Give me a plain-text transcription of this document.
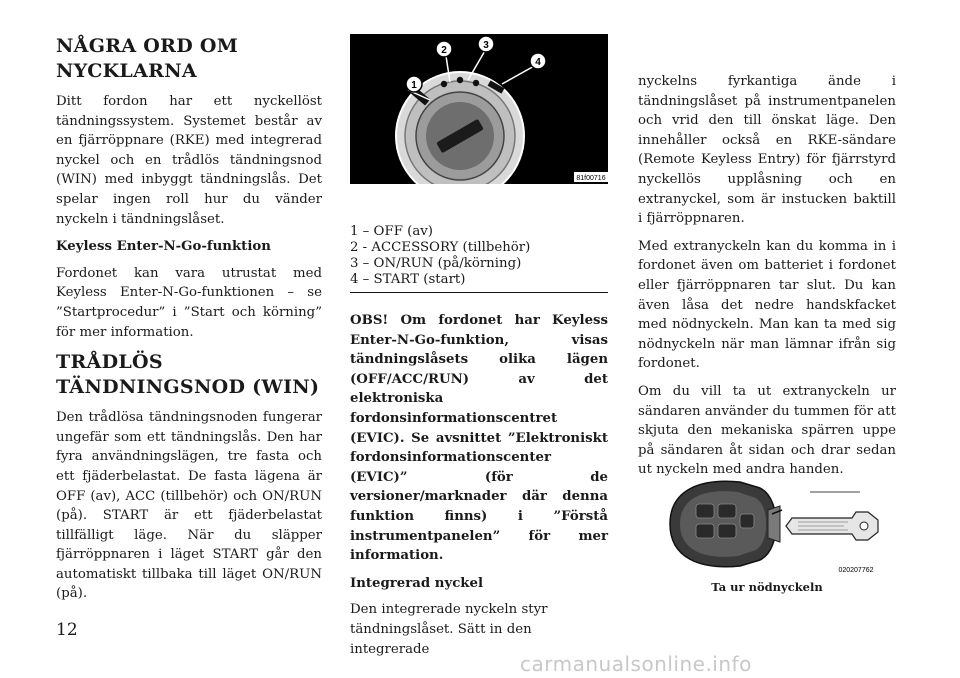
NÅGRA ORD OM
NYCKLARNA

Ditt fordon har ett nyckellöst tändningssystem. Systemet består av en fjärröppnare (RKE) med integrerad nyckel och en trådlös tändningsnod (WIN) med inbyggt tändningslås. Det spelar ingen roll hur du vänder nyckeln i tändningslåset.

Keyless Enter-N-Go-funktion

Fordonet kan vara utrustat med Keyless Enter-N-Go-funktionen – se ”Startprocedur” i ”Start och körning” för mer information.

TRÅDLÖS
TÄNDNINGSNOD (WIN)

Den trådlösa tändningsnoden fungerar ungefär som ett tändningslås. Den har fyra användningslägen, tre fasta och ett fjäderbelastat. De fasta lägena är OFF (av), ACC (tillbehör) och ON/RUN (på). START är ett fjäderbelastat tillfälligt läge. När du släpper fjärröppnaren i läget START går den automatiskt tillbaka till läget ON/RUN (på).

1
2	3
4
81f00716
1 – OFF (av)
2 - ACCESSORY (tillbehör)
3 – ON/RUN (på/körning)
4 – START (start)

OBS! Om fordonet har Keyless Enter-N-Go-funktion, visas tändningslåsets olika lägen (OFF/ACC/RUN) av det elektroniska fordonsinformationscentret (EVIC). Se avsnittet ”Elektroniskt fordonsinformationscenter (EVIC)” (för de versioner/marknader där denna funktion finns) i ”Förstå instrumentpanelen” för mer information.

Integrerad nyckel

Den integrerade nyckeln styr tändningslåset. Sätt in den integrerade

nyckelns fyrkantiga ände i tändningslåset på instrumentpanelen och vrid den till önskat läge. Den innehåller också en RKE-sändare (Remote Keyless Entry) för fjärrstyrd nyckellös upplåsning och en extranyckel, som är instucken baktill i fjärröppnaren.

Med extranyckeln kan du komma in i fordonet även om batteriet i fordonet eller fjärröppnaren tar slut. Du kan även låsa det nedre handskfacket med nödnyckeln. Man kan ta med sig nödnyckeln när man lämnar ifrån sig fordonet.

Om du vill ta ut extranyckeln ur sändaren använder du tummen för att skjuta den mekaniska spärren uppe på sändaren åt sidan och drar sedan ut nyckeln med andra handen.

020207762
Ta ur nödnyckeln
12
carmanualsonline.info
